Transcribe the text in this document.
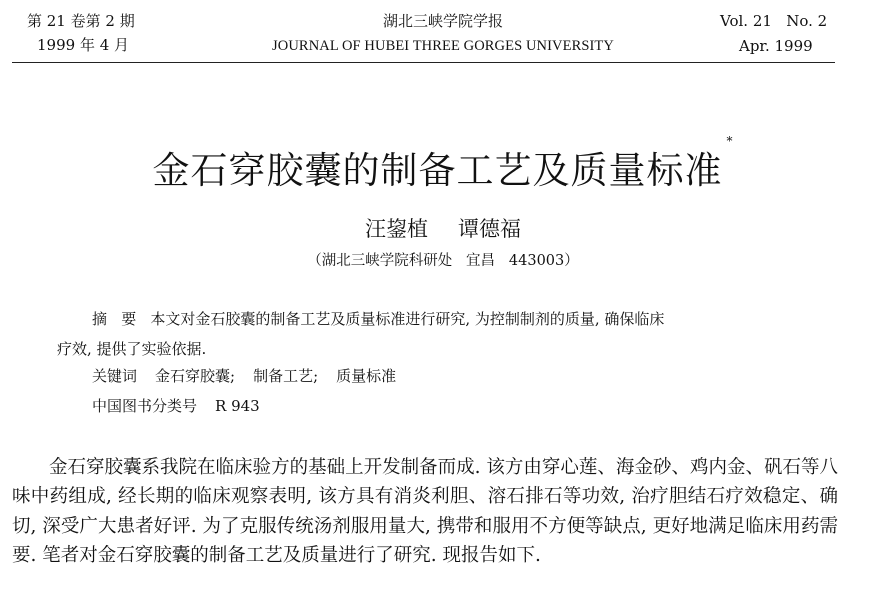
第 21 卷第 2 期
1999 年 4 月
湖北三峡学院学报
JOURNAL OF HUBEI THREE GORGES UNIVERSITY
Vol. 21   No. 2
Apr. 1999
金石穿胶囊的制备工艺及质量标准*
汪鋆植 谭德福
（湖北三峡学院科研处   宜昌   443003）
摘   要 本文对金石胶囊的制备工艺及质量标准进行研究, 为控制制剂的质量, 确保临床
疗效, 提供了实验依据.
关键词 金石穿胶囊; 制备工艺; 质量标准
中国图书分类号 R 943

金石穿胶囊系我院在临床验方的基础上开发制备而成. 该方由穿心莲、海金砂、鸡内金、矾石等八味中药组成, 经长期的临床观察表明, 该方具有消炎利胆、溶石排石等功效, 治疗胆结石疗效稳定、确切, 深受广大患者好评. 为了克服传统汤剂服用量大, 携带和服用不方便等缺点, 更好地满足临床用药需要. 笔者对金石穿胶囊的制备工艺及质量进行了研究. 现报告如下.
